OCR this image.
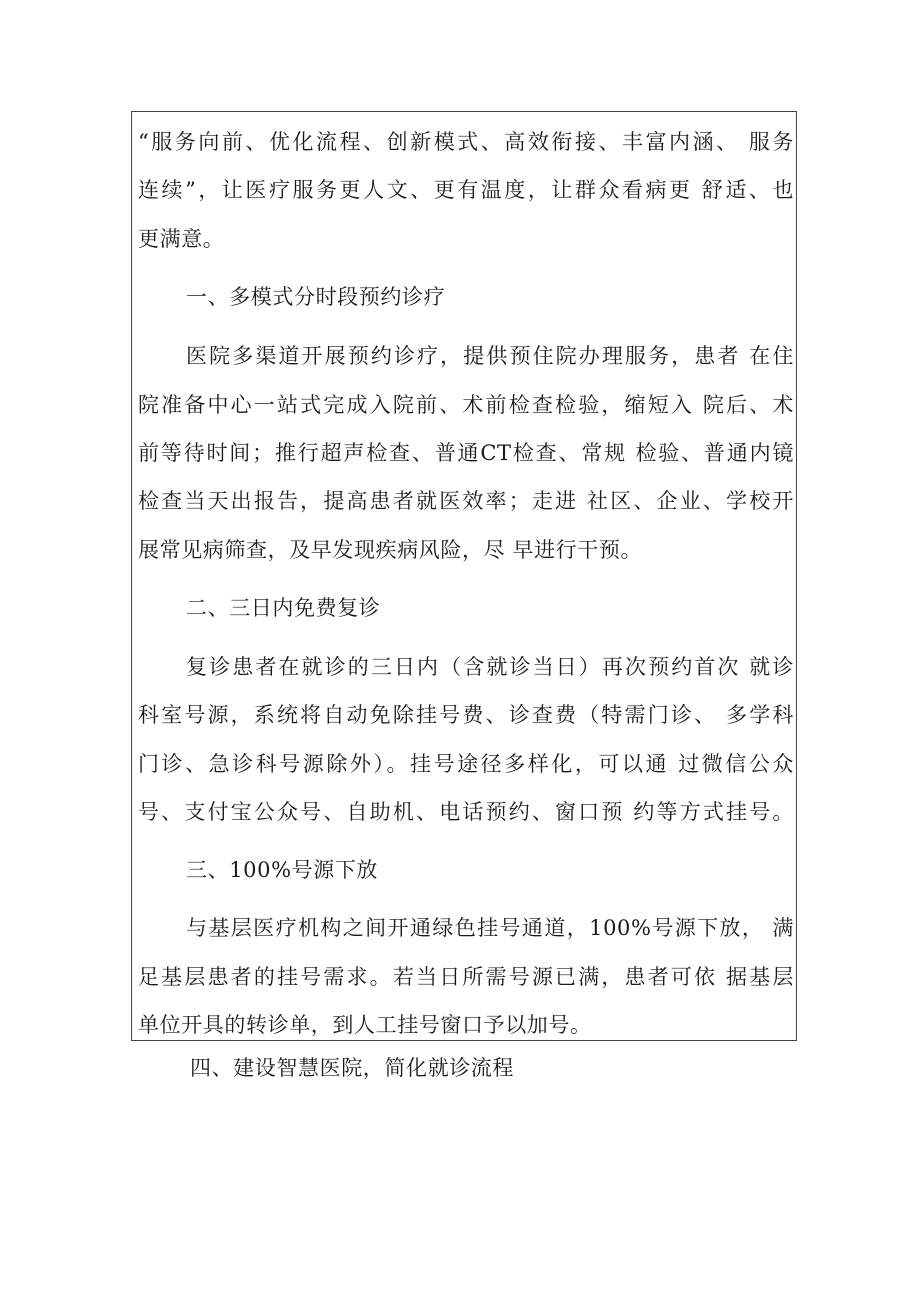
“服务向前、优化流程、创新模式、高效衔接、丰富内涵、 服务
连续”，让医疗服务更人文、更有温度，让群众看病更 舒适、也
更满意。
一、多模式分时段预约诊疗
医院多渠道开展预约诊疗，提供预住院办理服务，患者 在住
院准备中心一站式完成入院前、术前检查检验，缩短入 院后、术
前等待时间；推行超声检查、普通CT检查、常规 检验、普通内镜
检查当天出报告，提高患者就医效率；走进 社区、企业、学校开
展常见病筛查，及早发现疾病风险，尽 早进行干预。
二、三日内免费复诊
复诊患者在就诊的三日内（含就诊当日）再次预约首次 就诊
科室号源，系统将自动免除挂号费、诊查费（特需门诊、 多学科
门诊、急诊科号源除外）。挂号途径多样化，可以通 过微信公众
号、支付宝公众号、自助机、电话预约、窗口预 约等方式挂号。
三、100%号源下放
与基层医疗机构之间开通绿色挂号通道，100%号源下放， 满
足基层患者的挂号需求。若当日所需号源已满，患者可依 据基层
单位开具的转诊单，到人工挂号窗口予以加号。
四、建设智慧医院，简化就诊流程
